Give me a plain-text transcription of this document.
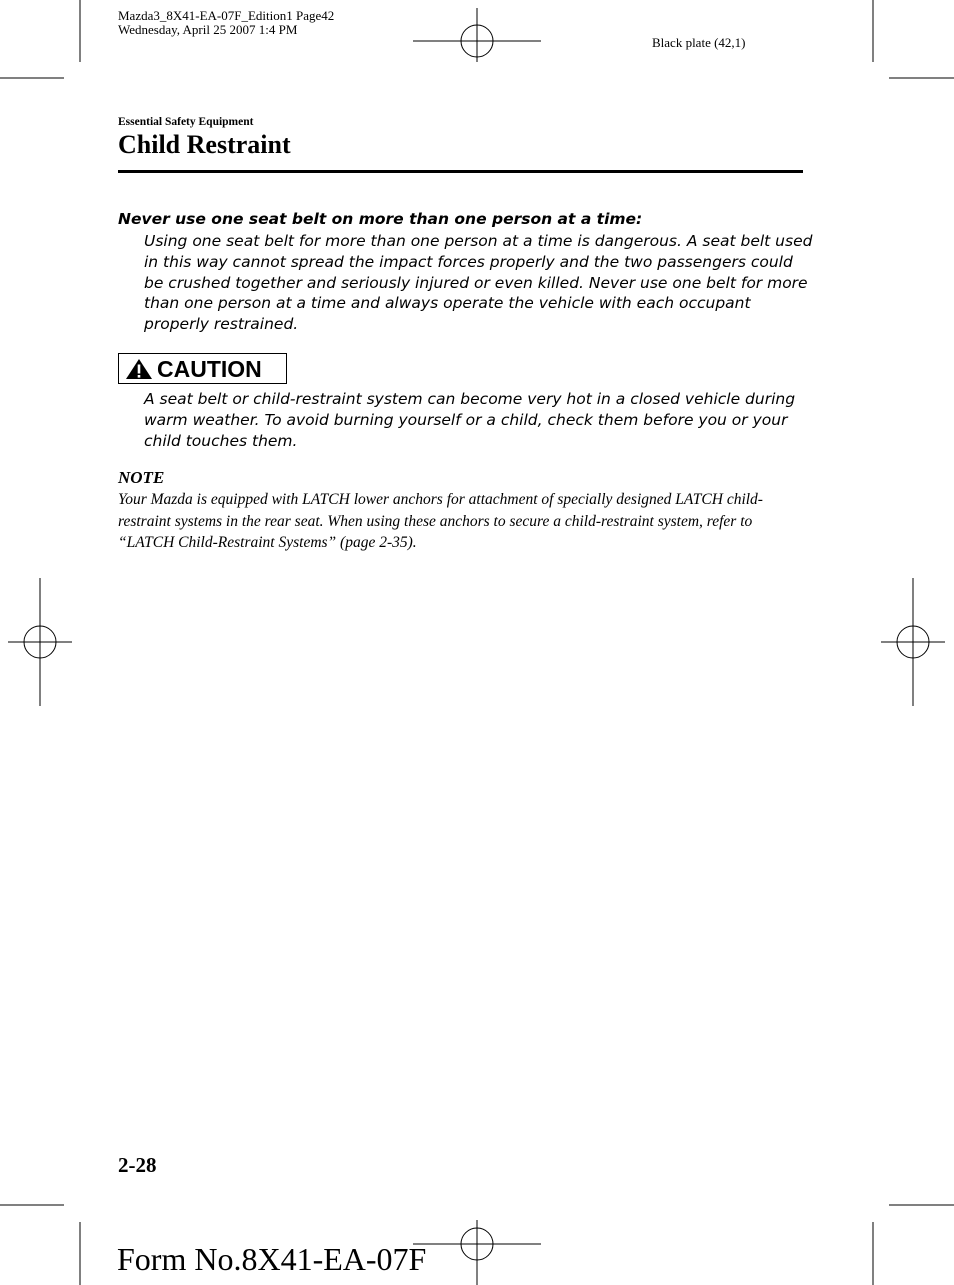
Mazda3_8X41-EA-07F_Edition1 Page42
Wednesday, April 25 2007 1:4 PM
Black plate (42,1)
Essential Safety Equipment
Child Restraint
Never use one seat belt on more than one person at a time:
Using one seat belt for more than one person at a time is dangerous. A seat belt used in this way cannot spread the impact forces properly and the two passengers could be crushed together and seriously injured or even killed. Never use one belt for more than one person at a time and always operate the vehicle with each occupant properly restrained.
CAUTION
A seat belt or child-restraint system can become very hot in a closed vehicle during warm weather. To avoid burning yourself or a child, check them before you or your child touches them.
NOTE
Your Mazda is equipped with LATCH lower anchors for attachment of specially designed LATCH child-restraint systems in the rear seat. When using these anchors to secure a child-restraint system, refer to “LATCH Child-Restraint Systems” (page 2-35).
2-28
Form No.8X41-EA-07F
